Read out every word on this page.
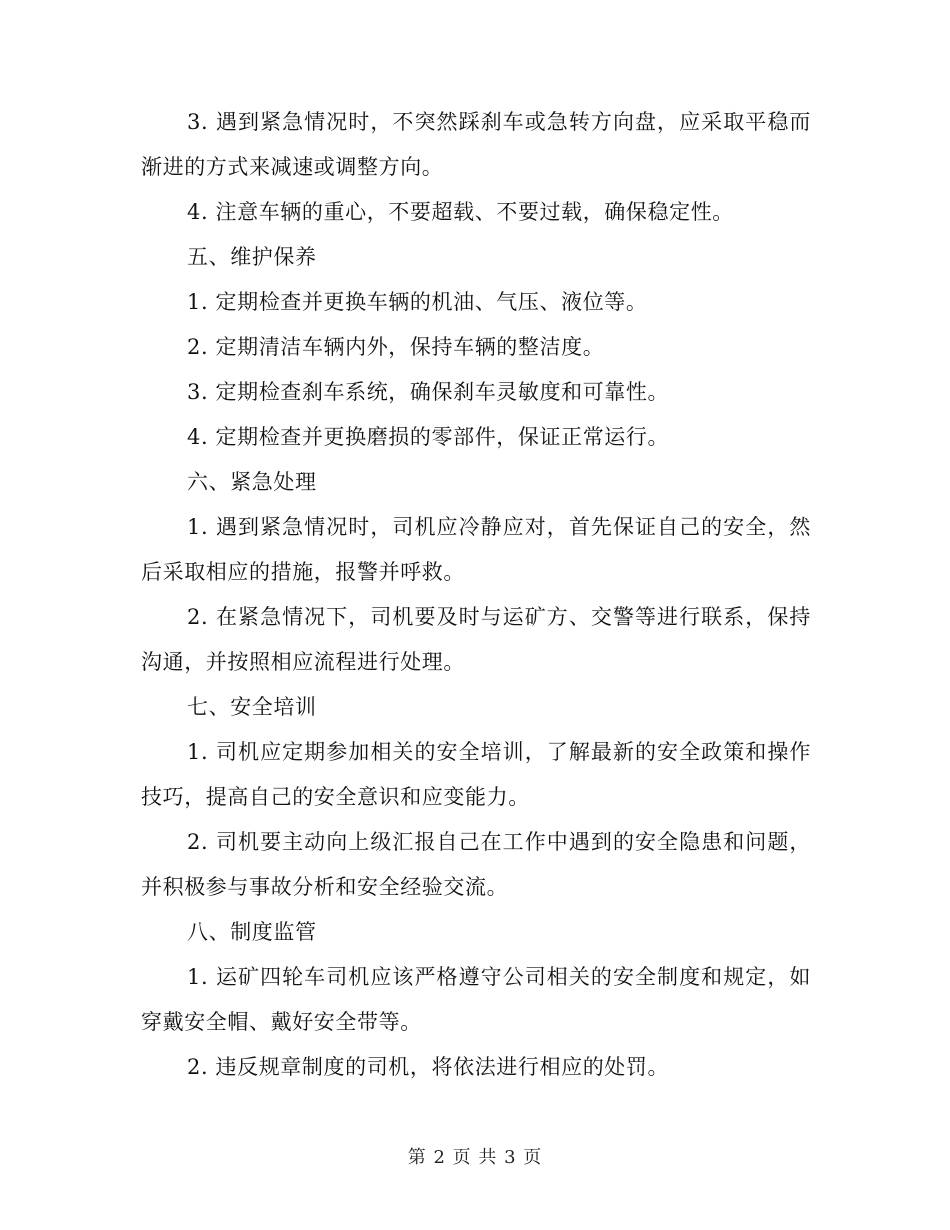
3. 遇到紧急情况时，不突然踩刹车或急转方向盘，应采取平稳而渐进的方式来减速或调整方向。

4. 注意车辆的重心，不要超载、不要过载，确保稳定性。

五、维护保养

1. 定期检查并更换车辆的机油、气压、液位等。

2. 定期清洁车辆内外，保持车辆的整洁度。

3. 定期检查刹车系统，确保刹车灵敏度和可靠性。

4. 定期检查并更换磨损的零部件，保证正常运行。

六、紧急处理

1. 遇到紧急情况时，司机应冷静应对，首先保证自己的安全，然后采取相应的措施，报警并呼救。

2. 在紧急情况下，司机要及时与运矿方、交警等进行联系，保持沟通，并按照相应流程进行处理。

七、安全培训

1. 司机应定期参加相关的安全培训，了解最新的安全政策和操作技巧，提高自己的安全意识和应变能力。

2. 司机要主动向上级汇报自己在工作中遇到的安全隐患和问题，并积极参与事故分析和安全经验交流。

八、制度监管

1. 运矿四轮车司机应该严格遵守公司相关的安全制度和规定，如穿戴安全帽、戴好安全带等。

2. 违反规章制度的司机，将依法进行相应的处罚。

第 2 页 共 3 页
